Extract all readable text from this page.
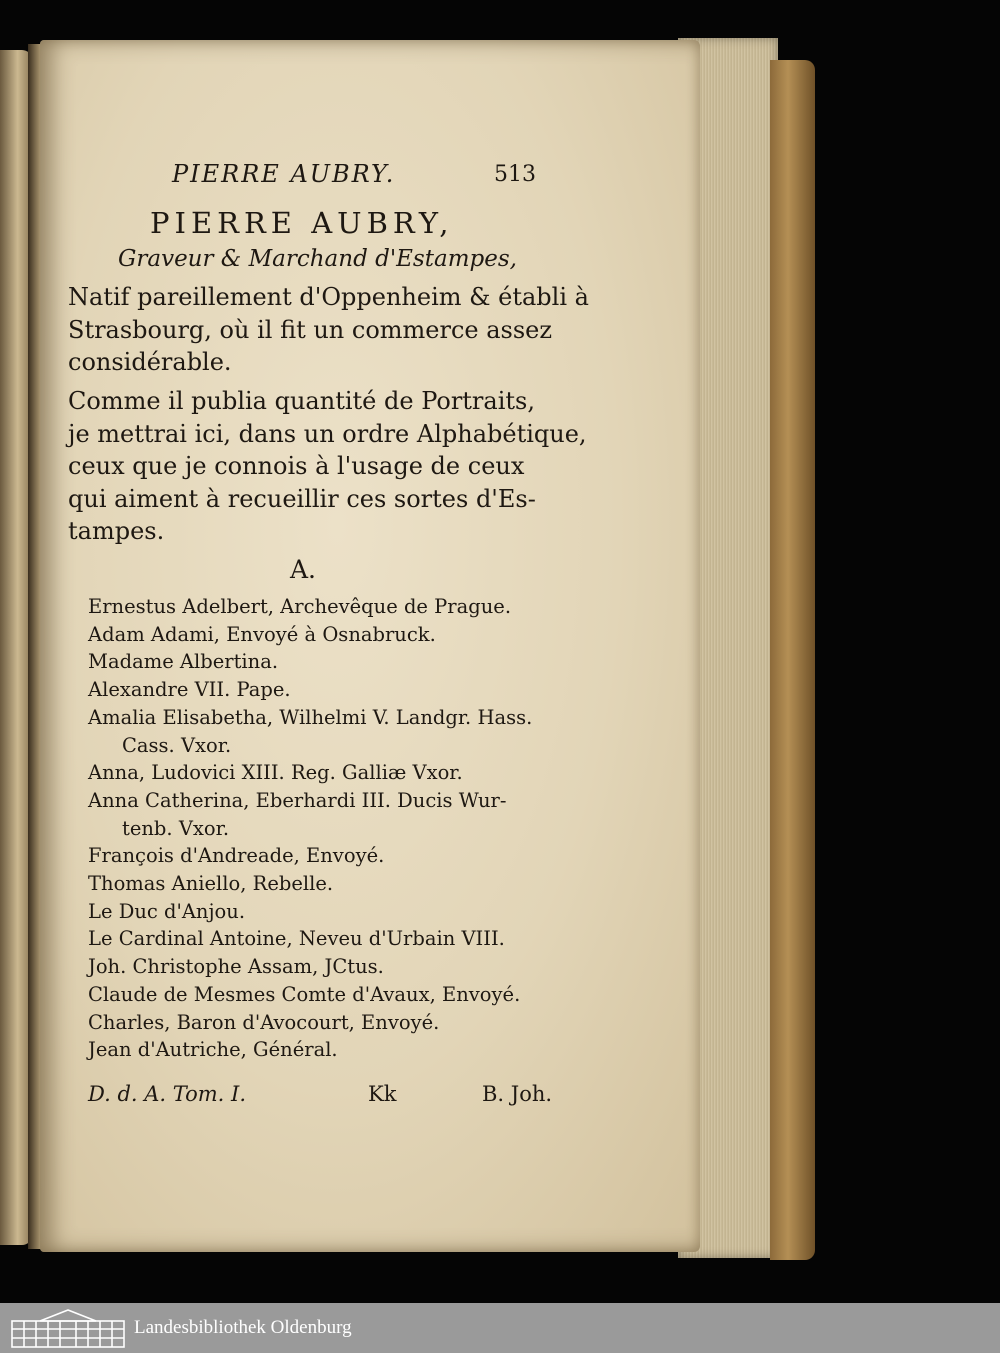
PIERRE AUBRY.	513
PIERRE AUBRY,
Graveur & Marchand d'Estampes,
Natif pareillement d'Oppenheim & établi à
Strasbourg, où il fit un commerce assez
considérable.
Comme il publia quantité de Portraits,
je mettrai ici, dans un ordre Alphabétique,
ceux que je connois à l'usage de ceux
qui aiment à recueillir ces sortes d'Es-
tampes.
A.
Ernestus Adelbert, Archevêque de Prague.
Adam Adami, Envoyé à Osnabruck.
Madame Albertina.
Alexandre VII. Pape.
Amalia Elisabetha, Wilhelmi V. Landgr. Hass.
Cass. Vxor.
Anna, Ludovici XIII. Reg. Galliæ Vxor.
Anna Catherina, Eberhardi III. Ducis Wur-
tenb. Vxor.
François d'Andreade, Envoyé.
Thomas Aniello, Rebelle.
Le Duc d'Anjou.
Le Cardinal Antoine, Neveu d'Urbain VIII.
Joh. Christophe Assam, JCtus.
Claude de Mesmes Comte d'Avaux, Envoyé.
Charles, Baron d'Avocourt, Envoyé.
Jean d'Autriche, Général.
D. d. A. Tom. I.	Kk	B. Joh.
Landesbibliothek Oldenburg
